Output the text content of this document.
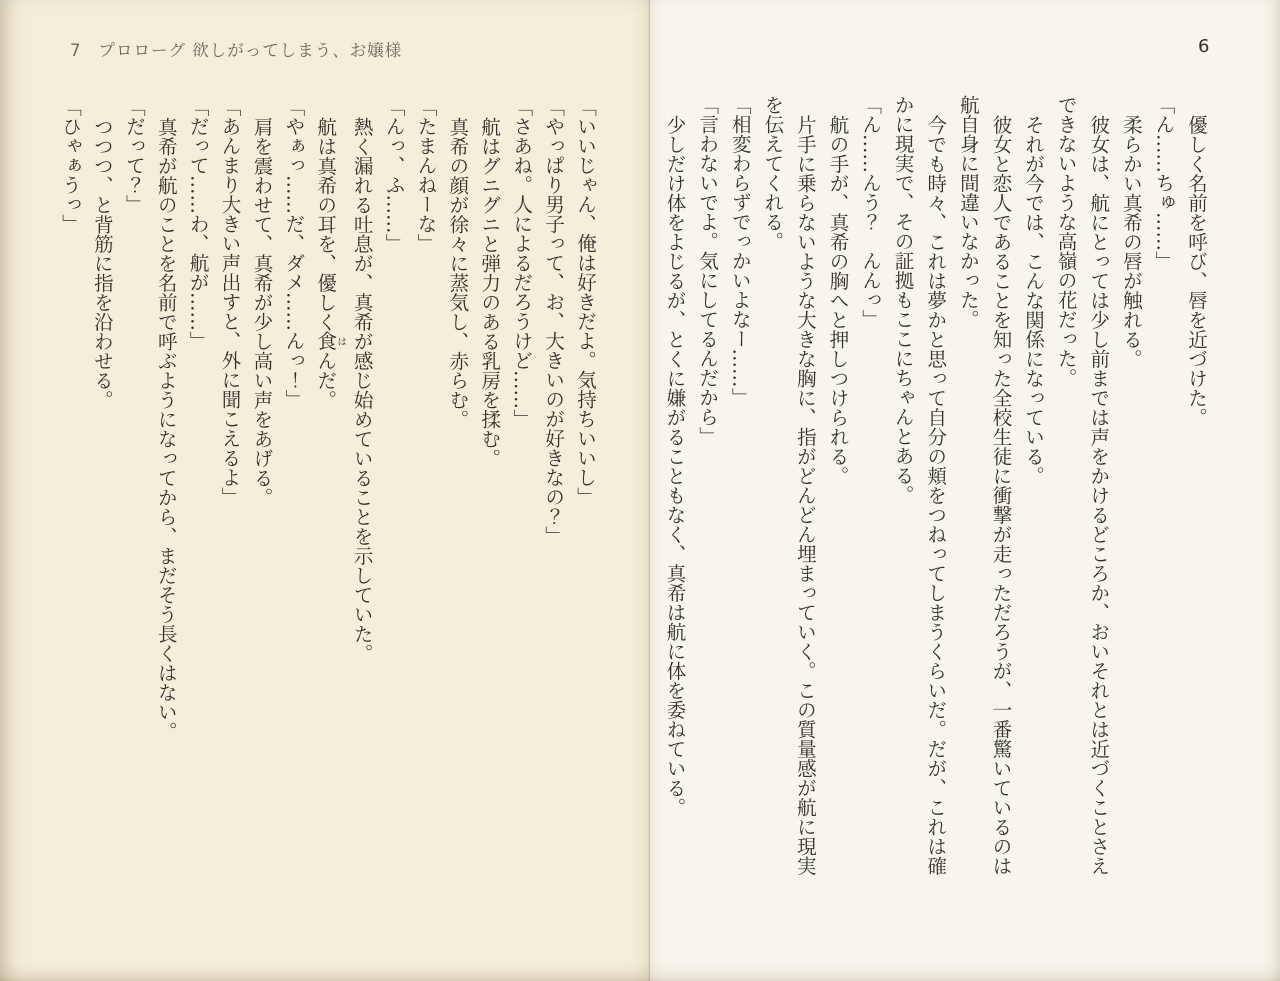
7 プロローグ 欲しがってしまう、お嬢様

「いいじゃん、俺は好きだよ。気持ちいいし」

「やっぱり男子って、お、大きいのが好きなの？」

「さあね。人によるだろうけど……」

航はグニグニと弾力のある乳房を揉む。

真希の顔が徐々に蒸気し、赤らむ。

「たまんねーな」

「んっ、ふ……」

熱く漏れる吐息が、真希が感じ始めていることを示していた。

航は真希の耳を、優しく食はんだ。

「やぁっ……だ、ダメ……んっ！」

肩を震わせて、真希が少し高い声をあげる。

「あんまり大きい声出すと、外に聞こえるよ」

「だって……わ、航が……」

真希が航のことを名前で呼ぶようになってから、まだそう長くはない。

「だって？」

つつつ、と背筋に指を沿わせる。

「ひゃぁうっ」

6

優しく名前を呼び、唇を近づけた。

「ん……ちゅ……」

柔らかい真希の唇が触れる。

彼女は、航にとっては少し前までは声をかけるどころか、おいそれとは近づくことさえ

できないような高嶺の花だった。

それが今では、こんな関係になっている。

彼女と恋人であることを知った全校生徒に衝撃が走っただろうが、一番驚いているのは

航自身に間違いなかった。

今でも時々、これは夢かと思って自分の頬をつねってしまうくらいだ。だが、これは確

かに現実で、その証拠もここにちゃんとある。

「ん……んう？　んんっ」

航の手が、真希の胸へと押しつけられる。

片手に乗らないような大きな胸に、指がどんどん埋まっていく。この質量感が航に現実

を伝えてくれる。

「相変わらずでっかいよなー……」

「言わないでよ。気にしてるんだから」

少しだけ体をよじるが、とくに嫌がることもなく、真希は航に体を委ねている。
